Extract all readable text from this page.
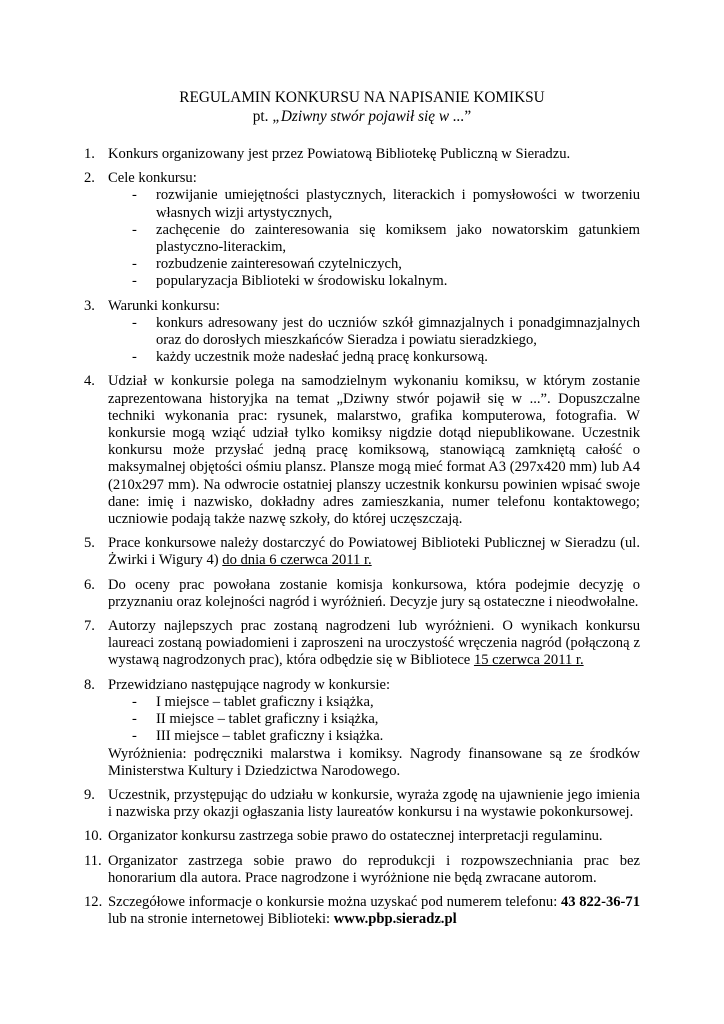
REGULAMIN KONKURSU NA NAPISANIE KOMIKSU
pt. „Dziwny stwór pojawił się w ...”
1. Konkurs organizowany jest przez Powiatową Bibliotekę Publiczną w Sieradzu.
2. Cele konkursu:
- rozwijanie umiejętności plastycznych, literackich i pomysłowości w tworzeniu własnych wizji artystycznych,
- zachęcenie do zainteresowania się komiksem jako nowatorskim gatunkiem plastyczno-literackim,
- rozbudzenie zainteresowań czytelniczych,
- popularyzacja Biblioteki w środowisku lokalnym.
3. Warunki konkursu:
- konkurs adresowany jest do uczniów szkół gimnazjalnych i ponadgimnazjalnych oraz do dorosłych mieszkańców Sieradza i powiatu sieradzkiego,
- każdy uczestnik może nadesłać jedną pracę konkursową.
4. Udział w konkursie polega na samodzielnym wykonaniu komiksu, w którym zostanie zaprezentowana historyjka na temat „Dziwny stwór pojawił się w ...”. Dopuszczalne techniki wykonania prac: rysunek, malarstwo, grafika komputerowa, fotografia. W konkursie mogą wziąć udział tylko komiksy nigdzie dotąd niepublikowane. Uczestnik konkursu może przysłać jedną pracę komiksową, stanowiącą zamkniętą całość o maksymalnej objętości ośmiu plansz. Plansze mogą mieć format A3 (297x420 mm) lub A4 (210x297 mm). Na odwrocie ostatniej planszy uczestnik konkursu powinien wpisać swoje dane: imię i nazwisko, dokładny adres zamieszkania, numer telefonu kontaktowego; uczniowie podają także nazwę szkoły, do której uczęszczają.
5. Prace konkursowe należy dostarczyć do Powiatowej Biblioteki Publicznej w Sieradzu (ul. Żwirki i Wigury 4) do dnia 6 czerwca 2011 r.
6. Do oceny prac powołana zostanie komisja konkursowa, która podejmie decyzję o przyznaniu oraz kolejności nagród i wyróżnień. Decyzje jury są ostateczne i nieodwołalne.
7. Autorzy najlepszych prac zostaną nagrodzeni lub wyróżnieni. O wynikach konkursu laureaci zostaną powiadomieni i zaproszeni na uroczystość wręczenia nagród (połączoną z wystawą nagrodzonych prac), która odbędzie się w Bibliotece 15 czerwca 2011 r.
8. Przewidziano następujące nagrody w konkursie:
- I miejsce – tablet graficzny i książka,
- II miejsce – tablet graficzny i książka,
- III miejsce – tablet graficzny i książka.
Wyróżnienia: podręczniki malarstwa i komiksy. Nagrody finansowane są ze środków Ministerstwa Kultury i Dziedzictwa Narodowego.
9. Uczestnik, przystępując do udziału w konkursie, wyraża zgodę na ujawnienie jego imienia i nazwiska przy okazji ogłaszania listy laureatów konkursu i na wystawie pokonkursowej.
10. Organizator konkursu zastrzega sobie prawo do ostatecznej interpretacji regulaminu.
11. Organizator zastrzega sobie prawo do reprodukcji i rozpowszechniania prac bez honorarium dla autora. Prace nagrodzone i wyróżnione nie będą zwracane autorom.
12. Szczegółowe informacje o konkursie można uzyskać pod numerem telefonu: 43 822-36-71 lub na stronie internetowej Biblioteki: www.pbp.sieradz.pl
